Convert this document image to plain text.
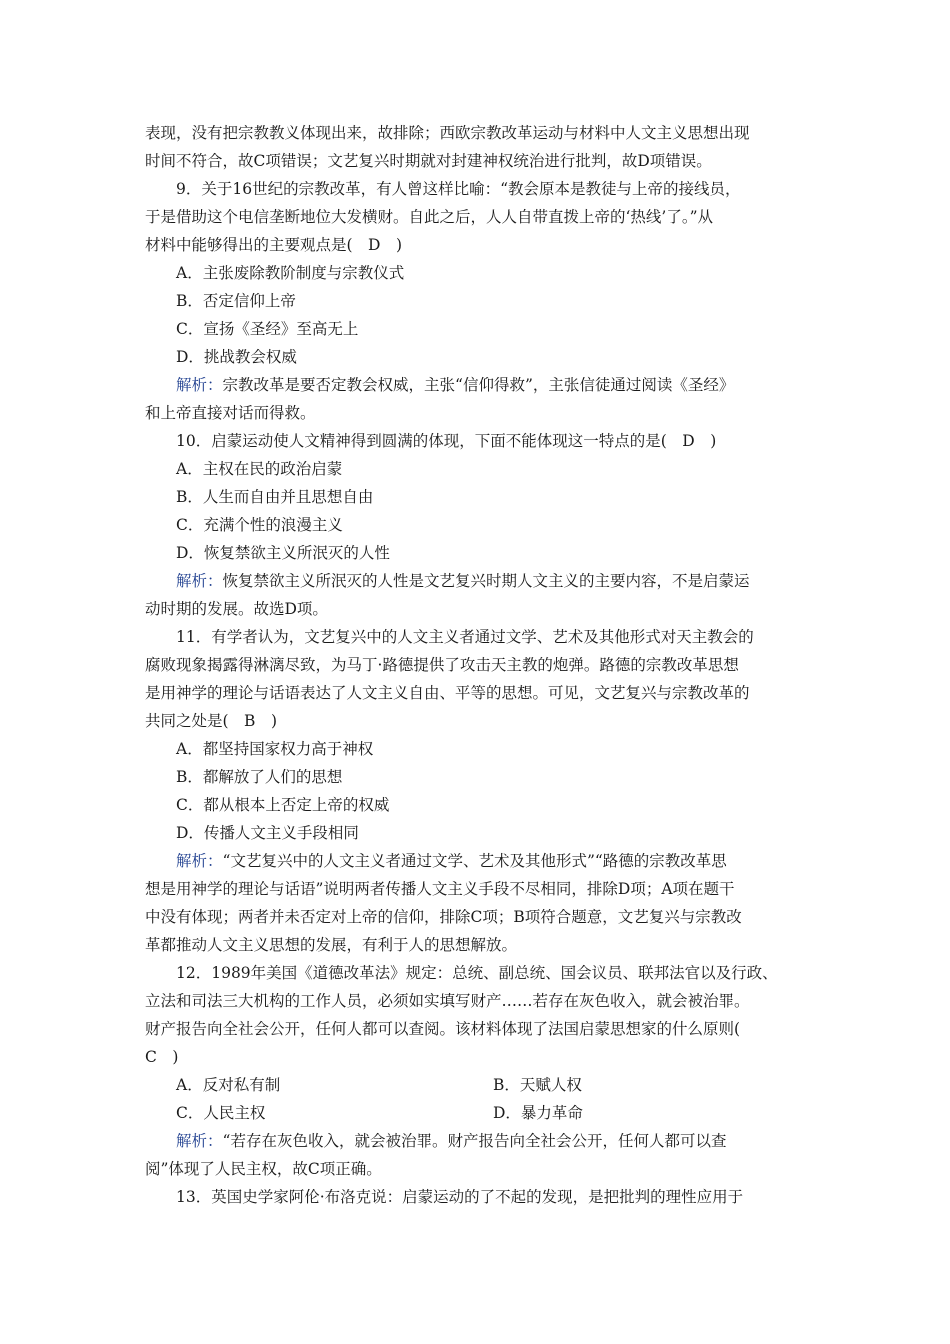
表现，没有把宗教教义体现出来，故排除；西欧宗教改革运动与材料中人文主义思想出现
时间不符合，故C项错误；文艺复兴时期就对封建神权统治进行批判，故D项错误。
9．关于16世纪的宗教改革，有人曾这样比喻：“教会原本是教徒与上帝的接线员，
于是借助这个电信垄断地位大发横财。自此之后，人人自带直拨上帝的‘热线’了。”从
材料中能够得出的主要观点是(　D　)
A．主张废除教阶制度与宗教仪式
B．否定信仰上帝
C．宣扬《圣经》至高无上
D．挑战教会权威
解析：宗教改革是要否定教会权威，主张“信仰得救”，主张信徒通过阅读《圣经》
和上帝直接对话而得救。
10．启蒙运动使人文精神得到圆满的体现，下面不能体现这一特点的是(　D　)
A．主权在民的政治启蒙
B．人生而自由并且思想自由
C．充满个性的浪漫主义
D．恢复禁欲主义所泯灭的人性
解析：恢复禁欲主义所泯灭的人性是文艺复兴时期人文主义的主要内容，不是启蒙运
动时期的发展。故选D项。
11．有学者认为，文艺复兴中的人文主义者通过文学、艺术及其他形式对天主教会的
腐败现象揭露得淋漓尽致，为马丁·路德提供了攻击天主教的炮弹。路德的宗教改革思想
是用神学的理论与话语表达了人文主义自由、平等的思想。可见，文艺复兴与宗教改革的
共同之处是(　B　)
A．都坚持国家权力高于神权
B．都解放了人们的思想
C．都从根本上否定上帝的权威
D．传播人文主义手段相同
解析：“文艺复兴中的人文主义者通过文学、艺术及其他形式”“路德的宗教改革思
想是用神学的理论与话语”说明两者传播人文主义手段不尽相同，排除D项；A项在题干
中没有体现；两者并未否定对上帝的信仰，排除C项；B项符合题意，文艺复兴与宗教改
革都推动人文主义思想的发展，有利于人的思想解放。
12．1989年美国《道德改革法》规定：总统、副总统、国会议员、联邦法官以及行政、
立法和司法三大机构的工作人员，必须如实填写财产……若存在灰色收入，就会被治罪。
财产报告向全社会公开，任何人都可以查阅。该材料体现了法国启蒙思想家的什么原则(
C　)
A．反对私有制	B．天赋人权
C．人民主权	D．暴力革命
解析：“若存在灰色收入，就会被治罪。财产报告向全社会公开，任何人都可以查
阅”体现了人民主权，故C项正确。
13．英国史学家阿伦·布洛克说：启蒙运动的了不起的发现，是把批判的理性应用于
